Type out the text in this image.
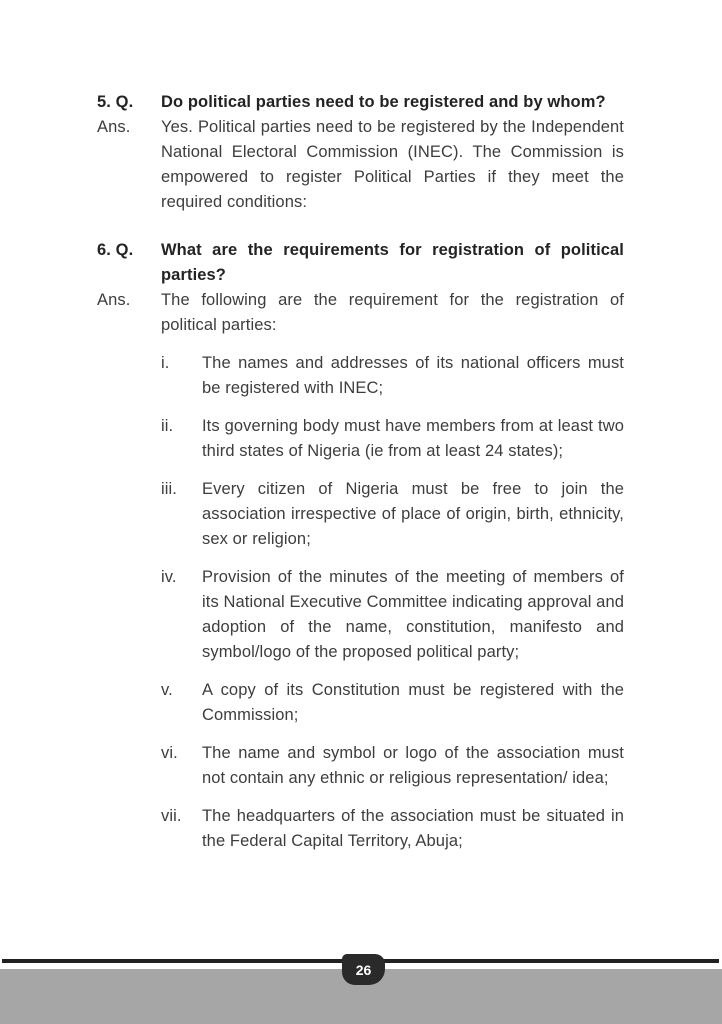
5. Q.	Do political parties need to be registered and by whom?
Ans.	Yes. Political parties need to be registered by the Independent National Electoral Commission (INEC). The Commission is empowered to register Political Parties if they meet the required conditions:

6. Q.	What are the requirements for registration of political parties?
Ans.	The following are the requirement for the registration of political parties:

i.	The names and addresses of its national officers must be registered with INEC;
ii.	Its governing body must have members from at least two third states of Nigeria (ie from at least 24 states);
iii.	Every citizen of Nigeria must be free to join the association irrespective of place of origin, birth, ethnicity, sex or religion;
iv.	Provision of the minutes of the meeting of members of its National Executive Committee indicating approval and adoption of the name, constitution, manifesto and symbol/logo of the proposed political party;
v.	A copy of its Constitution must be registered with the Commission;
vi.	The name and symbol or logo of the association must not contain any ethnic or religious representation/ idea;
vii.	The headquarters of the association must be situated in the Federal Capital Territory, Abuja;
26
